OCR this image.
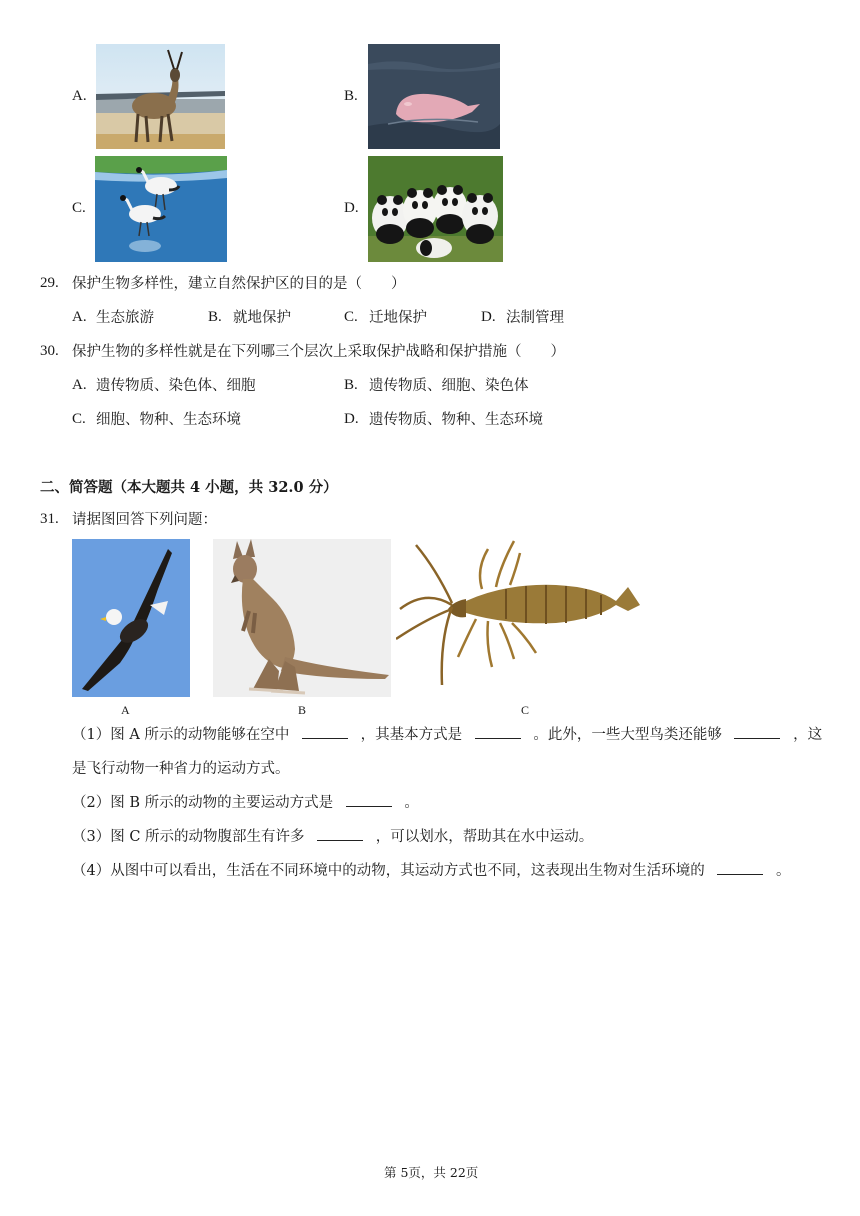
A.	B.
C.	D.
29. 保护生物多样性，建立自然保护区的目的是（　　）
A. 生态旅游	B. 就地保护	C. 迁地保护	D. 法制管理
30. 保护生物的多样性就是在下列哪三个层次上采取保护战略和保护措施（　　）
A. 遗传物质、染色体、细胞	B. 遗传物质、细胞、染色体
C. 细胞、物种、生态环境	D. 遗传物质、物种、生态环境
二、简答题（本大题共 4 小题，共 32.0 分）
31. 请据图回答下列问题：
A	B	C
（1）图 A 所示的动物能够在空中	，其基本方式是	。此外，一些大型鸟类还能够	，这
是飞行动物一种省力的运动方式。
（2）图 B 所示的动物的主要运动方式是	。
（3）图 C 所示的动物腹部生有许多	，可以划水，帮助其在水中运动。
（4）从图中可以看出，生活在不同环境中的动物，其运动方式也不同，这表现出生物对生活环境的	。
第 5页，共 22页
